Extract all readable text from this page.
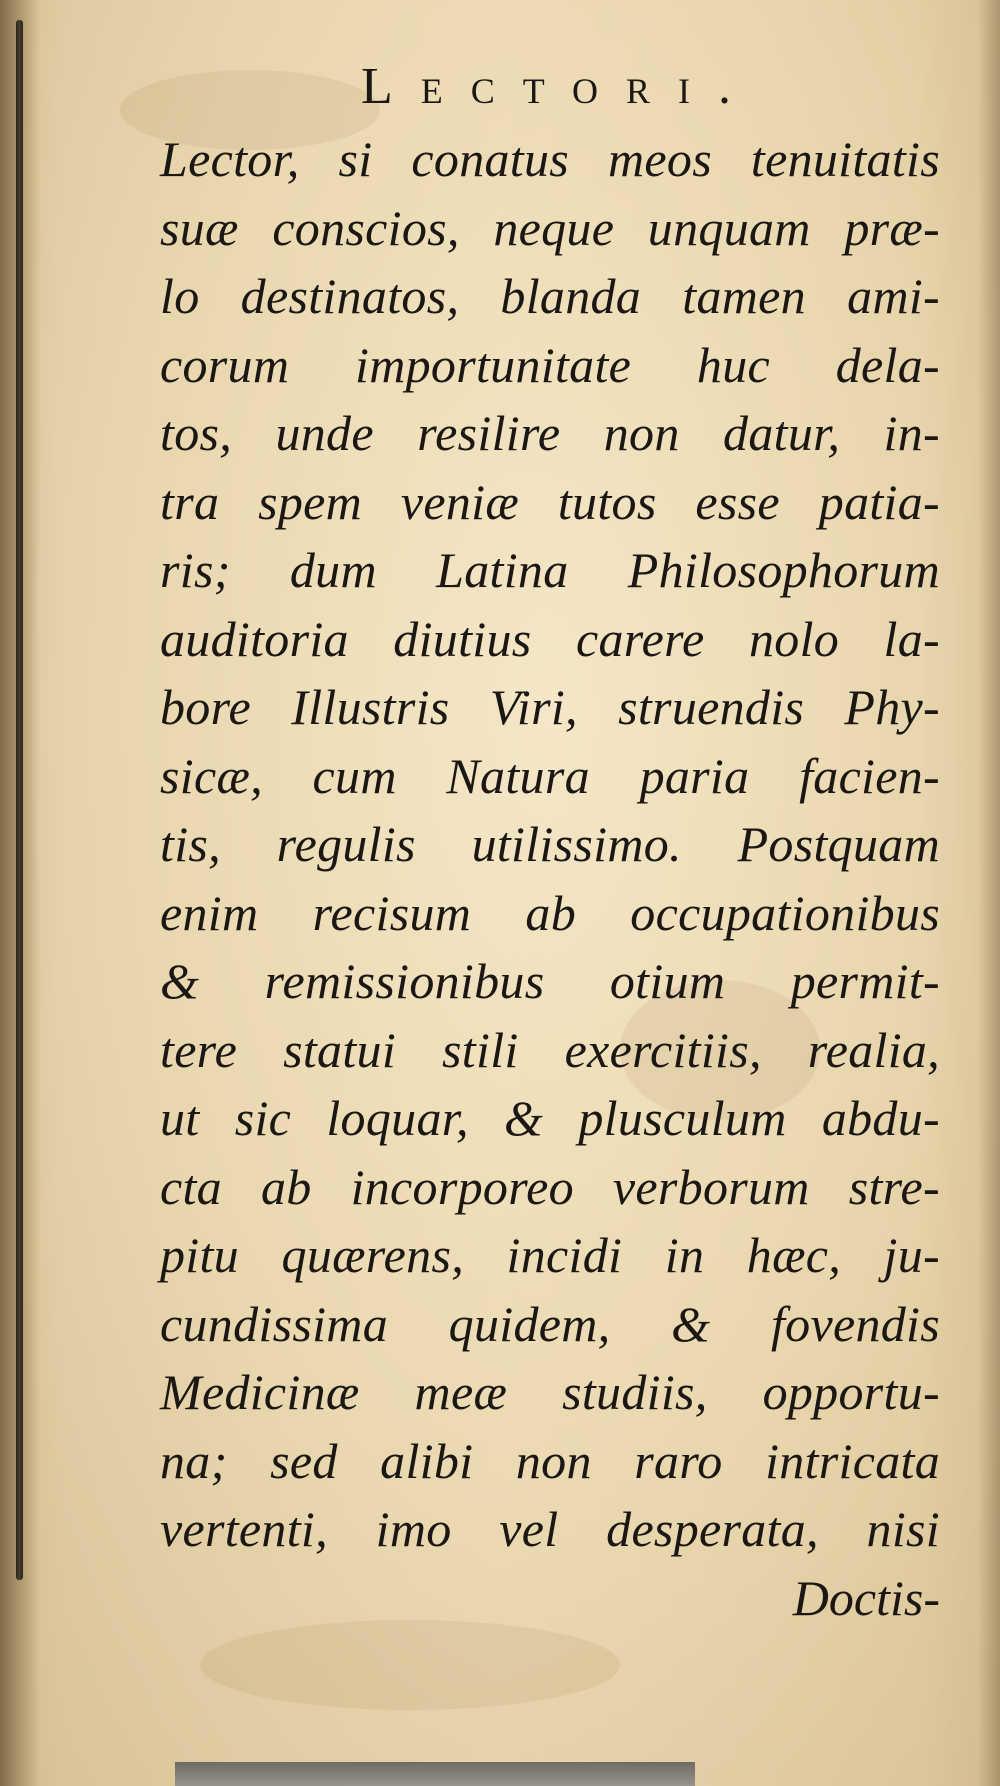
Lectori.
Lector, si conatus meos tenuitatis
suæ conscios, neque unquam præ-
lo destinatos, blanda tamen ami-
corum importunitate huc dela-
tos, unde resilire non datur, in-
tra spem veniæ tutos esse patia-
ris; dum Latina Philosophorum
auditoria diutius carere nolo la-
bore Illustris Viri, struendis Phy-
sicæ, cum Natura paria facien-
tis, regulis utilissimo. Postquam
enim recisum ab occupationibus
& remissionibus otium permit-
tere statui stili exercitiis, realia,
ut sic loquar, & plusculum abdu-
cta ab incorporeo verborum stre-
pitu quærens, incidi in hæc, ju-
cundissima quidem, & fovendis
Medicinæ meæ studiis, opportu-
na; sed alibi non raro intricata
vertenti, imo vel desperata, nisi
Doctis-
